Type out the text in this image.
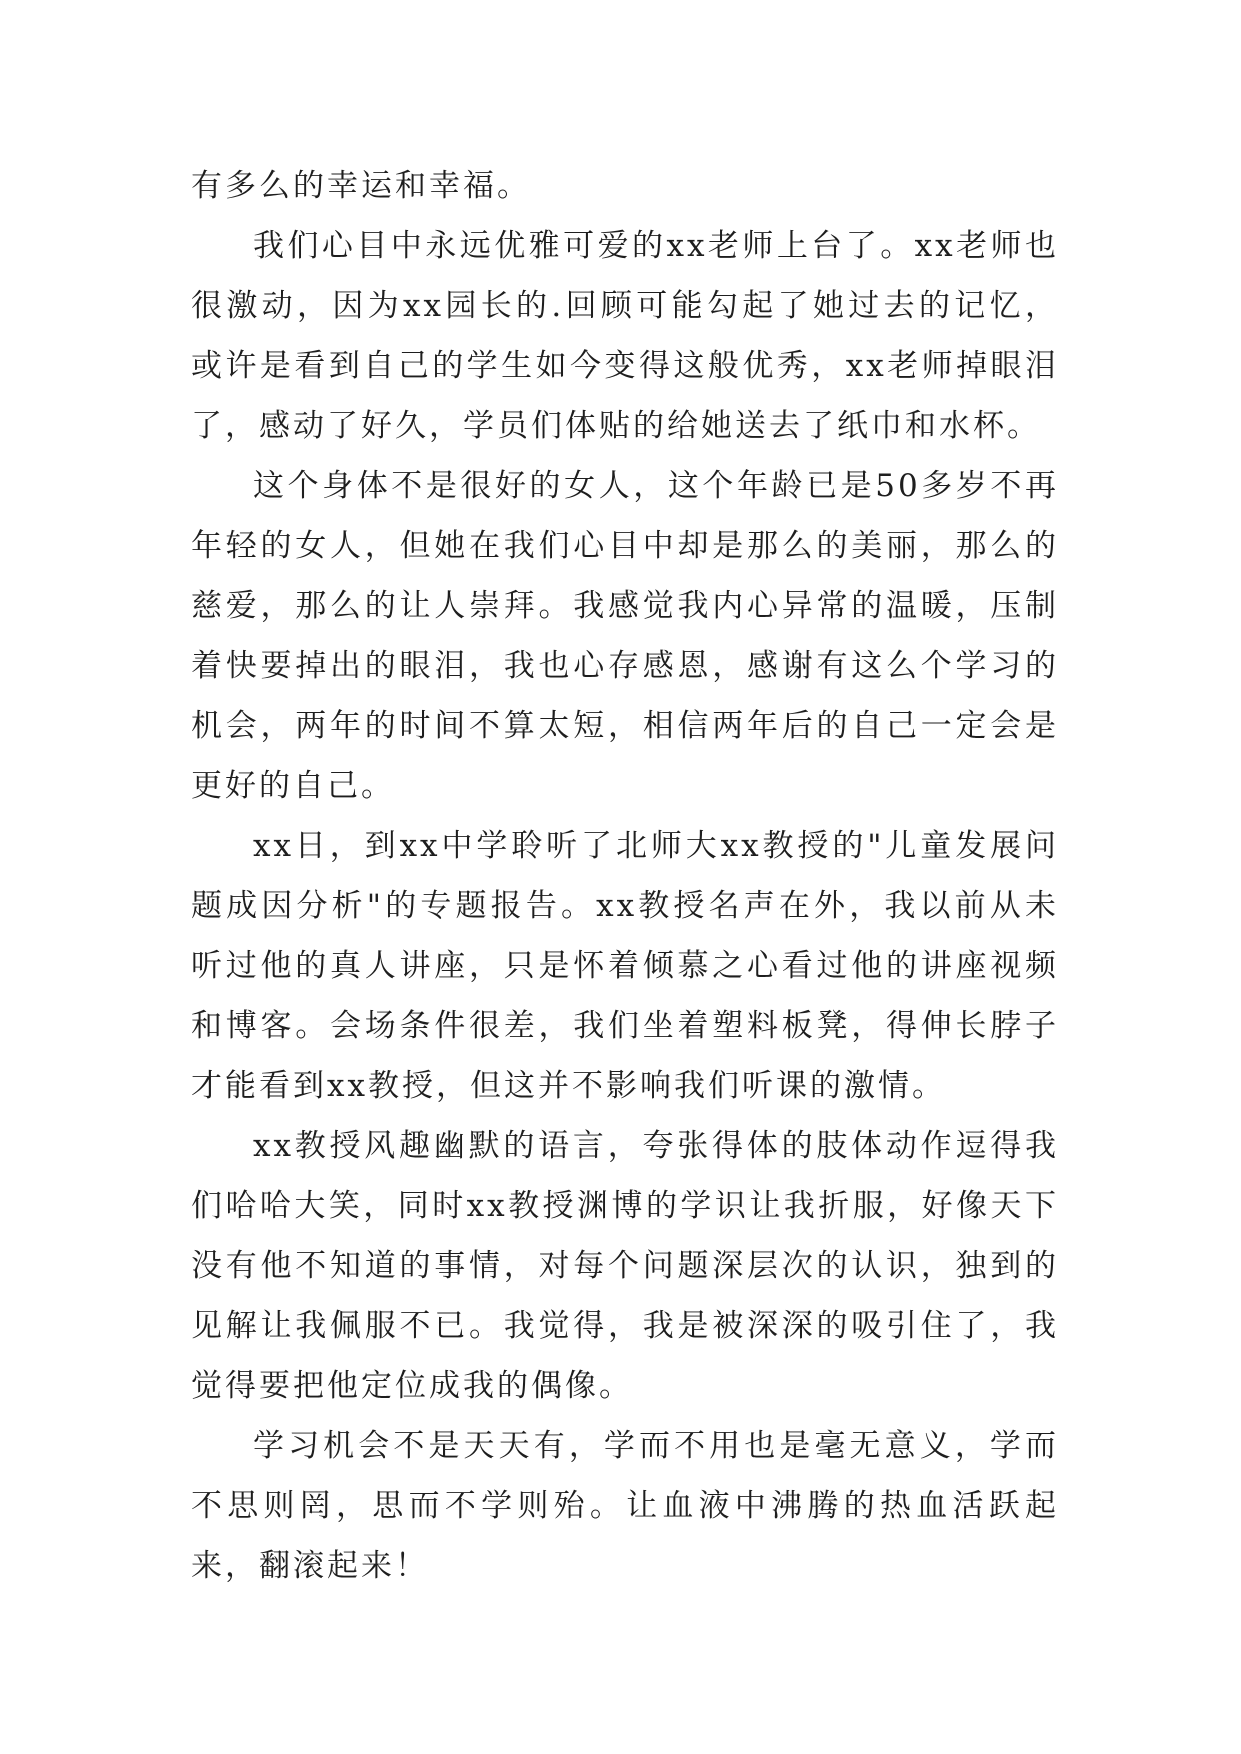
有多么的幸运和幸福。

我们心目中永远优雅可爱的xx老师上台了。xx老师也很激动，因为xx园长的.回顾可能勾起了她过去的记忆，或许是看到自己的学生如今变得这般优秀，xx老师掉眼泪了，感动了好久，学员们体贴的给她送去了纸巾和水杯。

这个身体不是很好的女人，这个年龄已是50多岁不再年轻的女人，但她在我们心目中却是那么的美丽，那么的慈爱，那么的让人崇拜。我感觉我内心异常的温暖，压制着快要掉出的眼泪，我也心存感恩，感谢有这么个学习的机会，两年的时间不算太短，相信两年后的自己一定会是更好的自己。

xx日，到xx中学聆听了北师大xx教授的"儿童发展问题成因分析"的专题报告。xx教授名声在外，我以前从未听过他的真人讲座，只是怀着倾慕之心看过他的讲座视频和博客。会场条件很差，我们坐着塑料板凳，得伸长脖子才能看到xx教授，但这并不影响我们听课的激情。

xx教授风趣幽默的语言，夸张得体的肢体动作逗得我们哈哈大笑，同时xx教授渊博的学识让我折服，好像天下没有他不知道的事情，对每个问题深层次的认识，独到的见解让我佩服不已。我觉得，我是被深深的吸引住了，我觉得要把他定位成我的偶像。

学习机会不是天天有，学而不用也是毫无意义，学而不思则罔，思而不学则殆。让血液中沸腾的热血活跃起来，翻滚起来！
